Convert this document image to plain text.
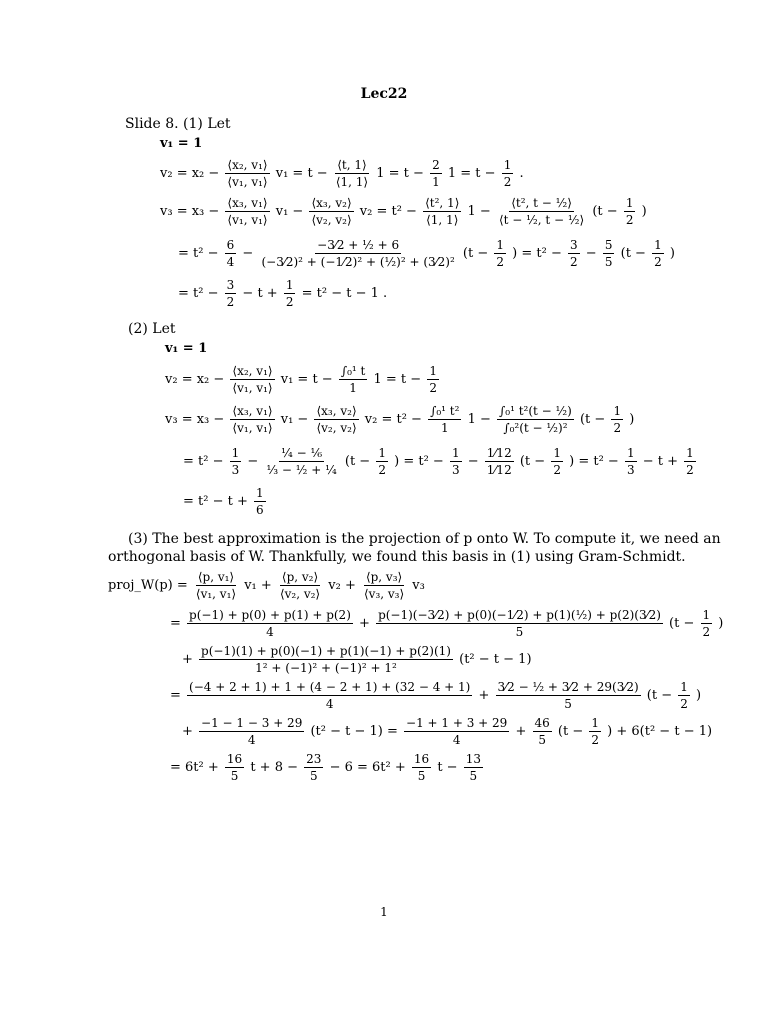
Lec22
Slide 8. (1) Let
v₁ = 1
$v_2 = x_2 - \frac{\text{⟨x₂, v₁⟩}}{\text{⟨v₁, v₁⟩}} v_1 = t - \frac{⟨t, 1⟩}{⟨1, 1⟩} 1 = t - \frac{2}{1} 1 = t - \frac{1}{2}$ .
$v_3 = x_3 - \frac{\text{⟨x₃, v₁⟩}}{\text{⟨v₁, v₁⟩}} v_1 - \frac{\text{⟨x₃, v₂⟩}}{\text{⟨v₂, v₂⟩}} v_2 = t^2 - \frac{\text{⟨t², 1⟩}}{⟨1, 1⟩} 1 - \frac{\text{⟨t², t − ½⟩}}{\text{⟨t − ½, t − ½⟩}} (t - \frac{1}{2}$ )
= $t^2 - \frac{6}{4} - \frac{\text{−3⁄2 + ½ + 6}}{\text{(−3⁄2)² + (−1⁄2)² + (½)² + (3⁄2)²}} (t - \frac{1}{2}$ ) = $t^2 - \frac{3}{2} - \frac{5}{5} (t - \frac{1}{2}$ )
= $t^2 - \frac{3}{2} - t + \frac{1}{2} = t^2 - t - 1$ .
(2) Let
v₁ = 1
$v_2 = x_2 - \frac{\text{⟨x₂, v₁⟩}}{\text{⟨v₁, v₁⟩}} v_1 = t - \frac{\text{∫₀¹ t}}{1} 1 = t - \frac{1}{2}$
$v_3 = x_3 - \frac{\text{⟨x₃, v₁⟩}}{\text{⟨v₁, v₁⟩}} v_1 - \frac{\text{⟨x₃, v₂⟩}}{\text{⟨v₂, v₂⟩}} v_2 = t^2 - \frac{\text{∫₀¹ t²}}{1} 1 - \frac{\text{∫₀¹ t²(t − ½)}}{\text{∫₀²(t − ½)²}} (t - \frac{1}{2}$ )
= $t^2 - \frac{1}{3} - \frac{\text{¼ − ⅙}}{\text{⅓ − ½ + ¼}} (t - \frac{1}{2}$ ) = $t^2 - \frac{1}{3} - \frac{1⁄12}{1⁄12} (t - \frac{1}{2}$ ) = $t^2 - \frac{1}{3} - t + \frac{1}{2}$
= $t^2 - t + \frac{1}{6}$
(3) The best approximation is the projection of p onto W. To compute it, we need an
orthogonal basis of W. Thankfully, we found this basis in (1) using Gram-Schmidt.
proj_W(p) = $\frac{\text{⟨p, v₁⟩}}{\text{⟨v₁, v₁⟩}} v_1 + \frac{\text{⟨p, v₂⟩}}{\text{⟨v₂, v₂⟩}} v_2 + \frac{\text{⟨p, v₃⟩}}{\text{⟨v₃, v₃⟩}} v_3$
= $\frac{p(-1) + p(0) + p(1) + p(2)}{4} + \frac{\text{p(−1)(−3⁄2) + p(0)(−1⁄2) + p(1)(½) + p(2)(3⁄2)}}{5} (t - \frac{1}{2}$ )
+ $\frac{p(-1)(1) + p(0)(-1) + p(1)(-1) + p(2)(1)}{\text{1² + (−1)² + (−1)² + 1²}} (t^2 - t - 1)$
= $\frac{(-4 + 2 + 1) + 1 + (4 - 2 + 1) + (32 - 4 + 1)}{4} + \frac{\text{3⁄2 − ½ + 3⁄2 + 29(3⁄2)}}{5} (t - \frac{1}{2}$ )
+ $\frac{-1 - 1 - 3 + 29}{4} (t^2 - t - 1) = \frac{-1 + 1 + 3 + 29}{4} + \frac{46}{5} (t - \frac{1}{2}$ ) + 6(t² − t − 1)
= $6t^2 + \frac{16}{5}$ $t + 8 - \frac{23}{5} - 6 = 6t^2 + \frac{16}{5}$ $t - \frac{13}{5}$
1
